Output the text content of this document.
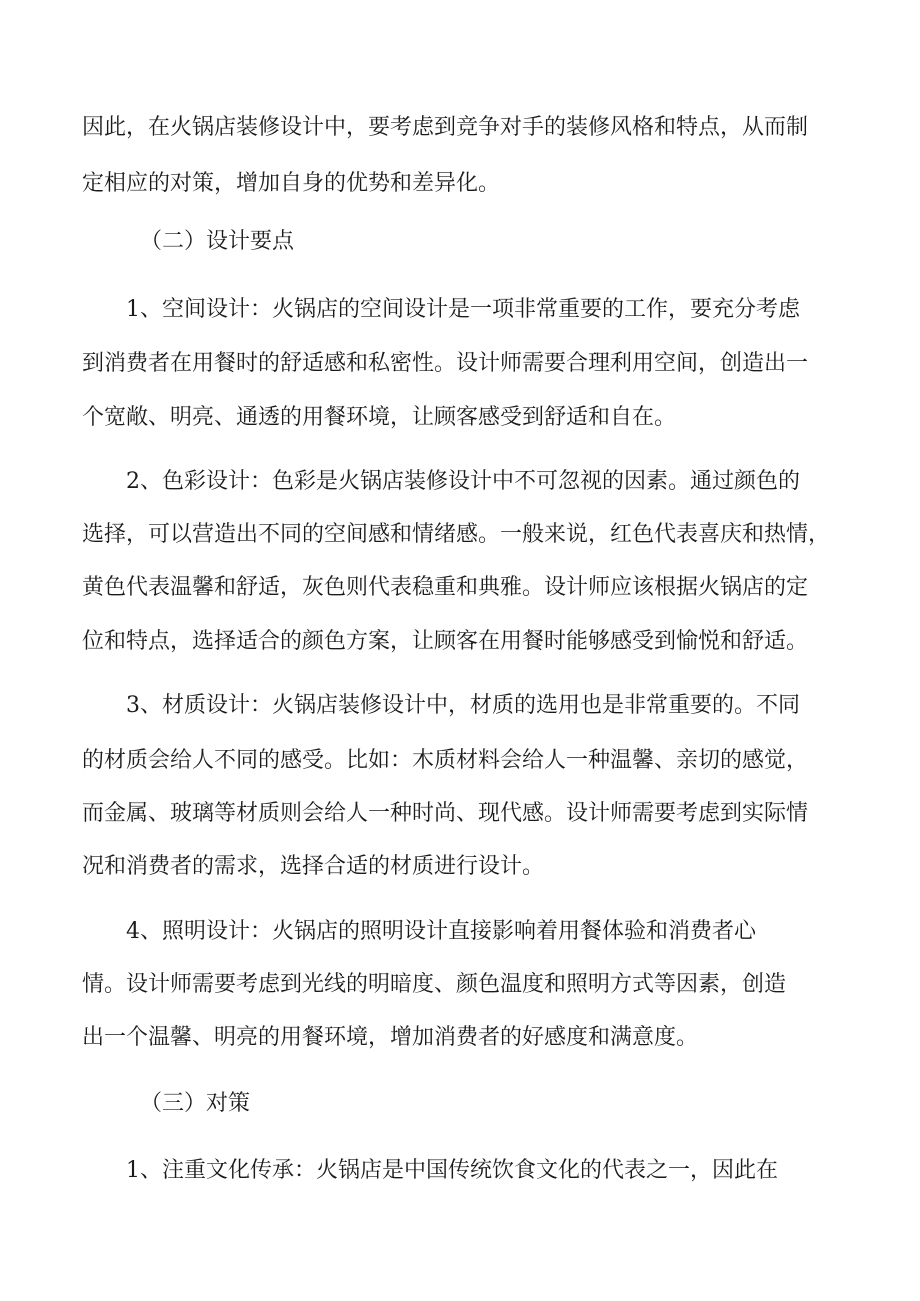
因此，在火锅店装修设计中，要考虑到竞争对手的装修风格和特点，从而制
定相应的对策，增加自身的优势和差异化。
（二）设计要点
1、空间设计：火锅店的空间设计是一项非常重要的工作，要充分考虑
到消费者在用餐时的舒适感和私密性。设计师需要合理利用空间，创造出一
个宽敞、明亮、通透的用餐环境，让顾客感受到舒适和自在。
2、色彩设计：色彩是火锅店装修设计中不可忽视的因素。通过颜色的
选择，可以营造出不同的空间感和情绪感。一般来说，红色代表喜庆和热情，
黄色代表温馨和舒适，灰色则代表稳重和典雅。设计师应该根据火锅店的定
位和特点，选择适合的颜色方案，让顾客在用餐时能够感受到愉悦和舒适。
3、材质设计：火锅店装修设计中，材质的选用也是非常重要的。不同
的材质会给人不同的感受。比如：木质材料会给人一种温馨、亲切的感觉，
而金属、玻璃等材质则会给人一种时尚、现代感。设计师需要考虑到实际情
况和消费者的需求，选择合适的材质进行设计。
4、照明设计：火锅店的照明设计直接影响着用餐体验和消费者心
情。设计师需要考虑到光线的明暗度、颜色温度和照明方式等因素，创造
出一个温馨、明亮的用餐环境，增加消费者的好感度和满意度。
（三）对策
1、注重文化传承：火锅店是中国传统饮食文化的代表之一，因此在
